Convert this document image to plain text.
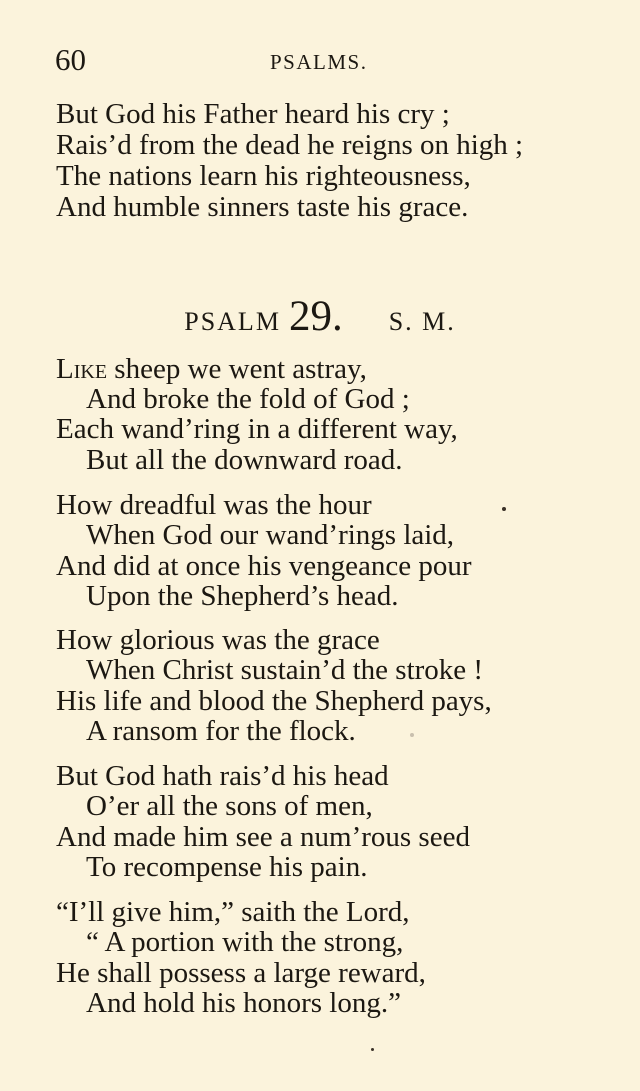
60	PSALMS.
But God his Father heard his cry ;
Rais’d from the dead he reigns on high ;
The nations learn his righteousness,
And humble sinners taste his grace.
PSALM 29. S. M.
Like sheep we went astray,
And broke the fold of God ;
Each wand’ring in a different way,
But all the downward road.
How dreadful was the hour
When God our wand’rings laid,
And did at once his vengeance pour
Upon the Shepherd’s head.
How glorious was the grace
When Christ sustain’d the stroke !
His life and blood the Shepherd pays,
A ransom for the flock.
But God hath rais’d his head
O’er all the sons of men,
And made him see a num’rous seed
To recompense his pain.
“I’ll give him,” saith the Lord,
“ A portion with the strong,
He shall possess a large reward,
And hold his honors long.”
